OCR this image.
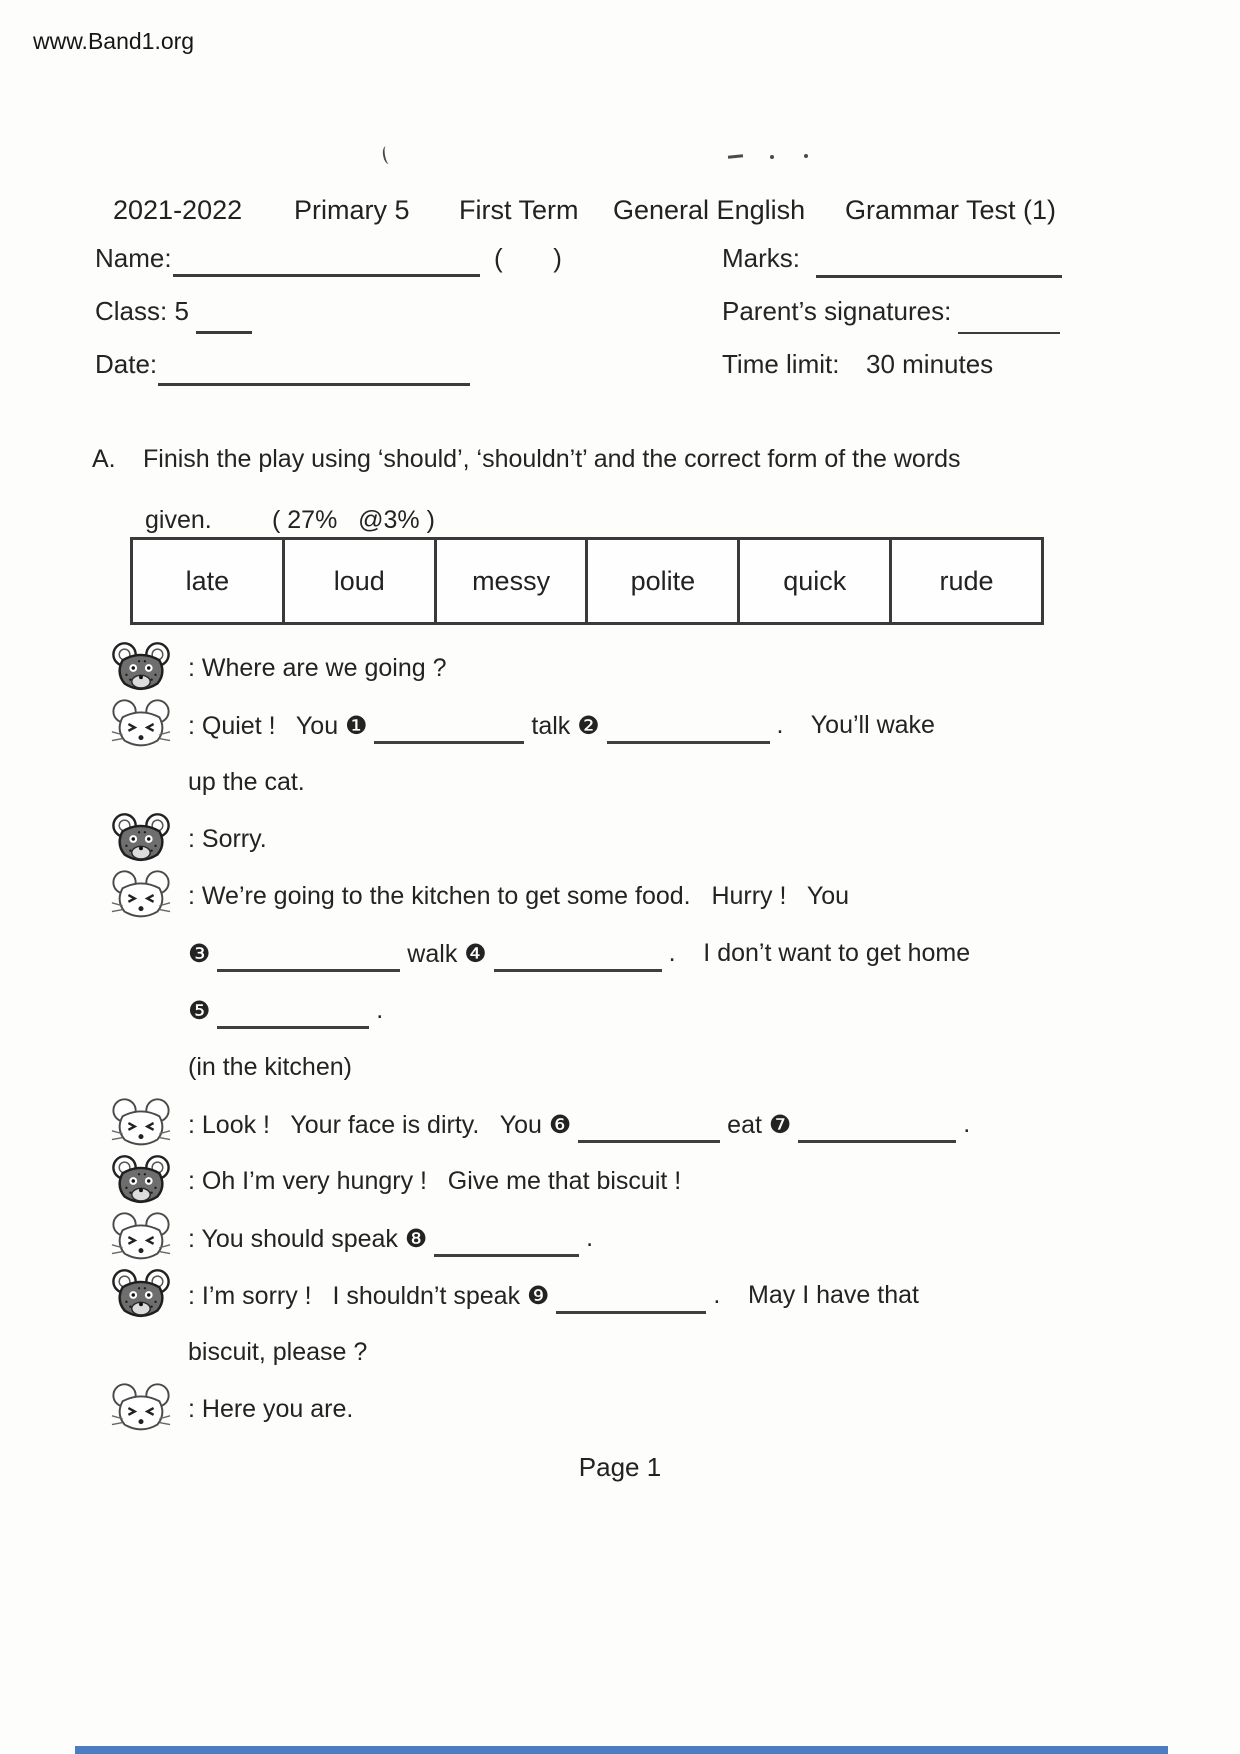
www.Band1.org
2021-2022 Primary 5 First Term General English Grammar Test (1)
Name:	(       )	Marks:
Class: 5	Parent’s signatures:
Date:	Time limit: 30 minutes
A. Finish the play using ‘should’, ‘shouldn’t’ and the correct form of the words
given. ( 27%   @3% )
late	loud	messy	polite	quick	rude
: Where are we going ?
: Quiet !   You ❶	talk ❷	.    You’ll wake
up the cat.
: Sorry.
: We’re going to the kitchen to get some food.   Hurry !   You
❸	walk ❹	.    I don’t want to get home
❺	.
(in the kitchen)
: Look !   Your face is dirty.   You ❻	eat ❼	.
: Oh I’m very hungry !   Give me that biscuit !
: You should speak ❽	.
: I’m sorry !   I shouldn’t speak ❾	.    May I have that
biscuit, please ?
: Here you are.
Page 1
